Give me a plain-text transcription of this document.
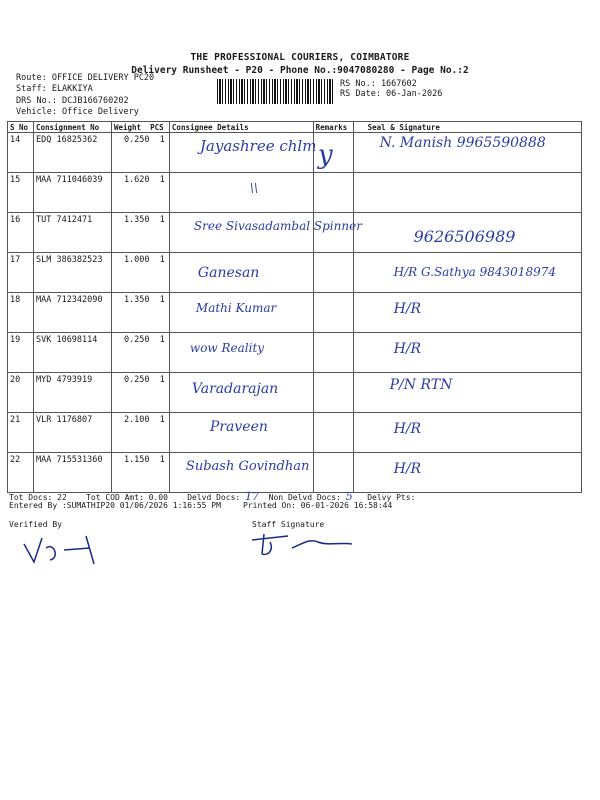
THE PROFESSIONAL COURIERS, COIMBATORE
Delivery Runsheet - P20 - Phone No.:9047080280 - Page No.:2
Route: OFFICE DELIVERY PC20
Staff: ELAKKIYA
DRS No.: DCJB166760202
Vehicle: Office Delivery
RS No.: 1667602
RS Date: 06-Jan-2026
S No	Consignment No	Weight PCS	Consignee Details	Remarks	Seal & Signature
14	EDQ 16825362	0.250 1	Jayashree chlm		N. Manish 9965590888

15	MAA 711046039	1.620 1	\\		

16	TUT 7412471	1.350 1	Sree Sivasadambal Spinner		9626506989

17	SLM 386382523	1.000 1	Ganesan		H/R G.Sathya 9843018974

18	MAA 712342090	1.350 1	Mathi Kumar		H/R

19	SVK 10698114	0.250 1	wow Reality		H/R

20	MYD 4793919	0.250 1	Varadarajan		P/N RTN

21	VLR 1176807	2.100 1	Praveen		H/R

22	MAA 715531360	1.150 1	Subash Govindhan		H/R
y
Tot Docs: 22 Tot COD Amt: 0.00 Delvd Docs: 17 Non Delvd Docs: 5 Delvy Pts:
Entered By :SUMATHIP20 01/06/2026 1:16:55 PM	Printed On: 06-01-2026 16:58:44
Verified By	Staff Signature
